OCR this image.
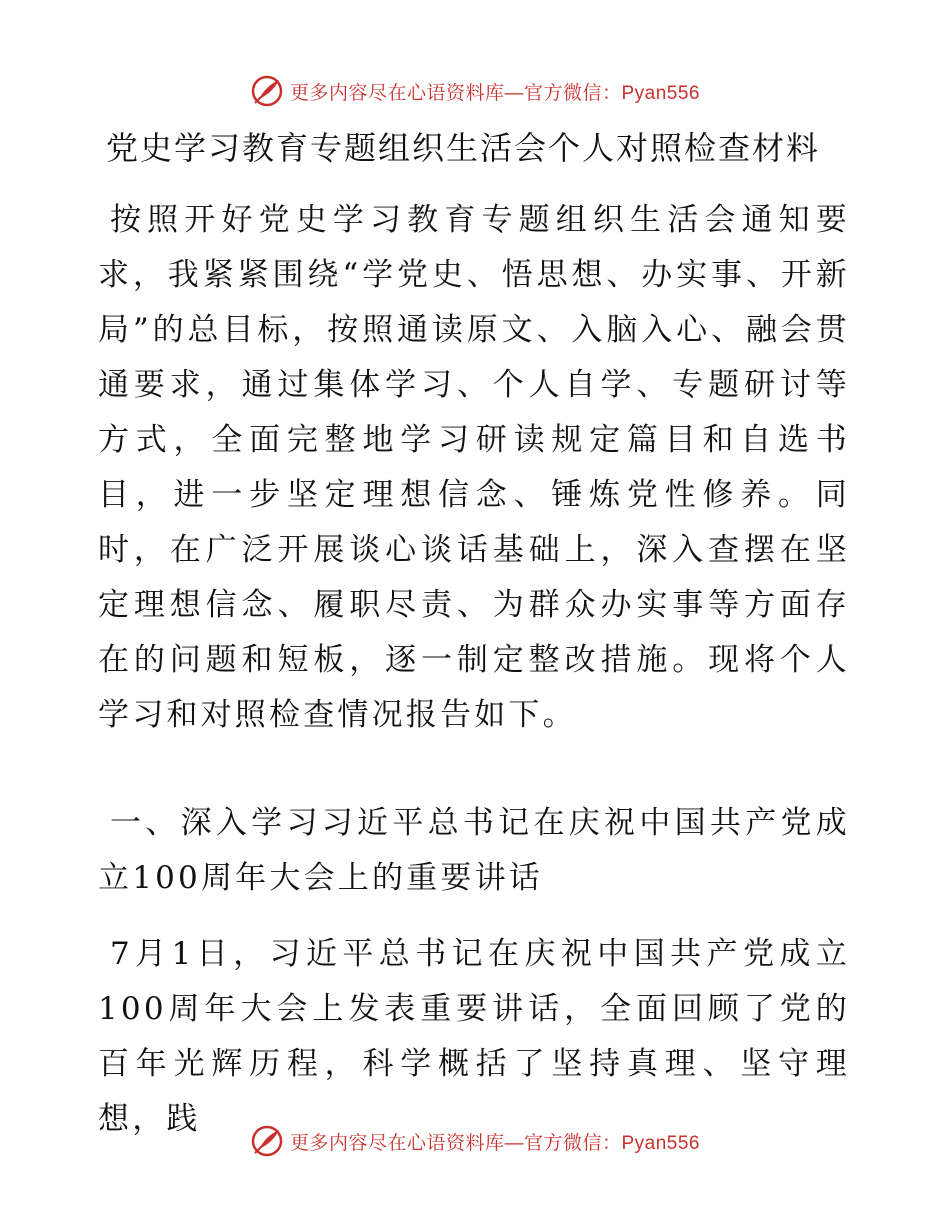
更多内容尽在心语资料库—官方微信：Pyan556
党史学习教育专题组织生活会个人对照检查材料

按照开好党史学习教育专题组织生活会通知要求，我紧紧围绕“学党史、悟思想、办实事、开新局”的总目标，按照通读原文、入脑入心、融会贯通要求，通过集体学习、个人自学、专题研讨等方式，全面完整地学习研读规定篇目和自选书目，进一步坚定理想信念、锤炼党性修养。同时，在广泛开展谈心谈话基础上，深入查摆在坚定理想信念、履职尽责、为群众办实事等方面存在的问题和短板，逐一制定整改措施。现将个人学习和对照检查情况报告如下。

一、深入学习习近平总书记在庆祝中国共产党成立100周年大会上的重要讲话

7月1日，习近平总书记在庆祝中国共产党成立100周年大会上发表重要讲话，全面回顾了党的百年光辉历程，科学概括了坚持真理、坚守理想，践

更多内容尽在心语资料库—官方微信：Pyan556
